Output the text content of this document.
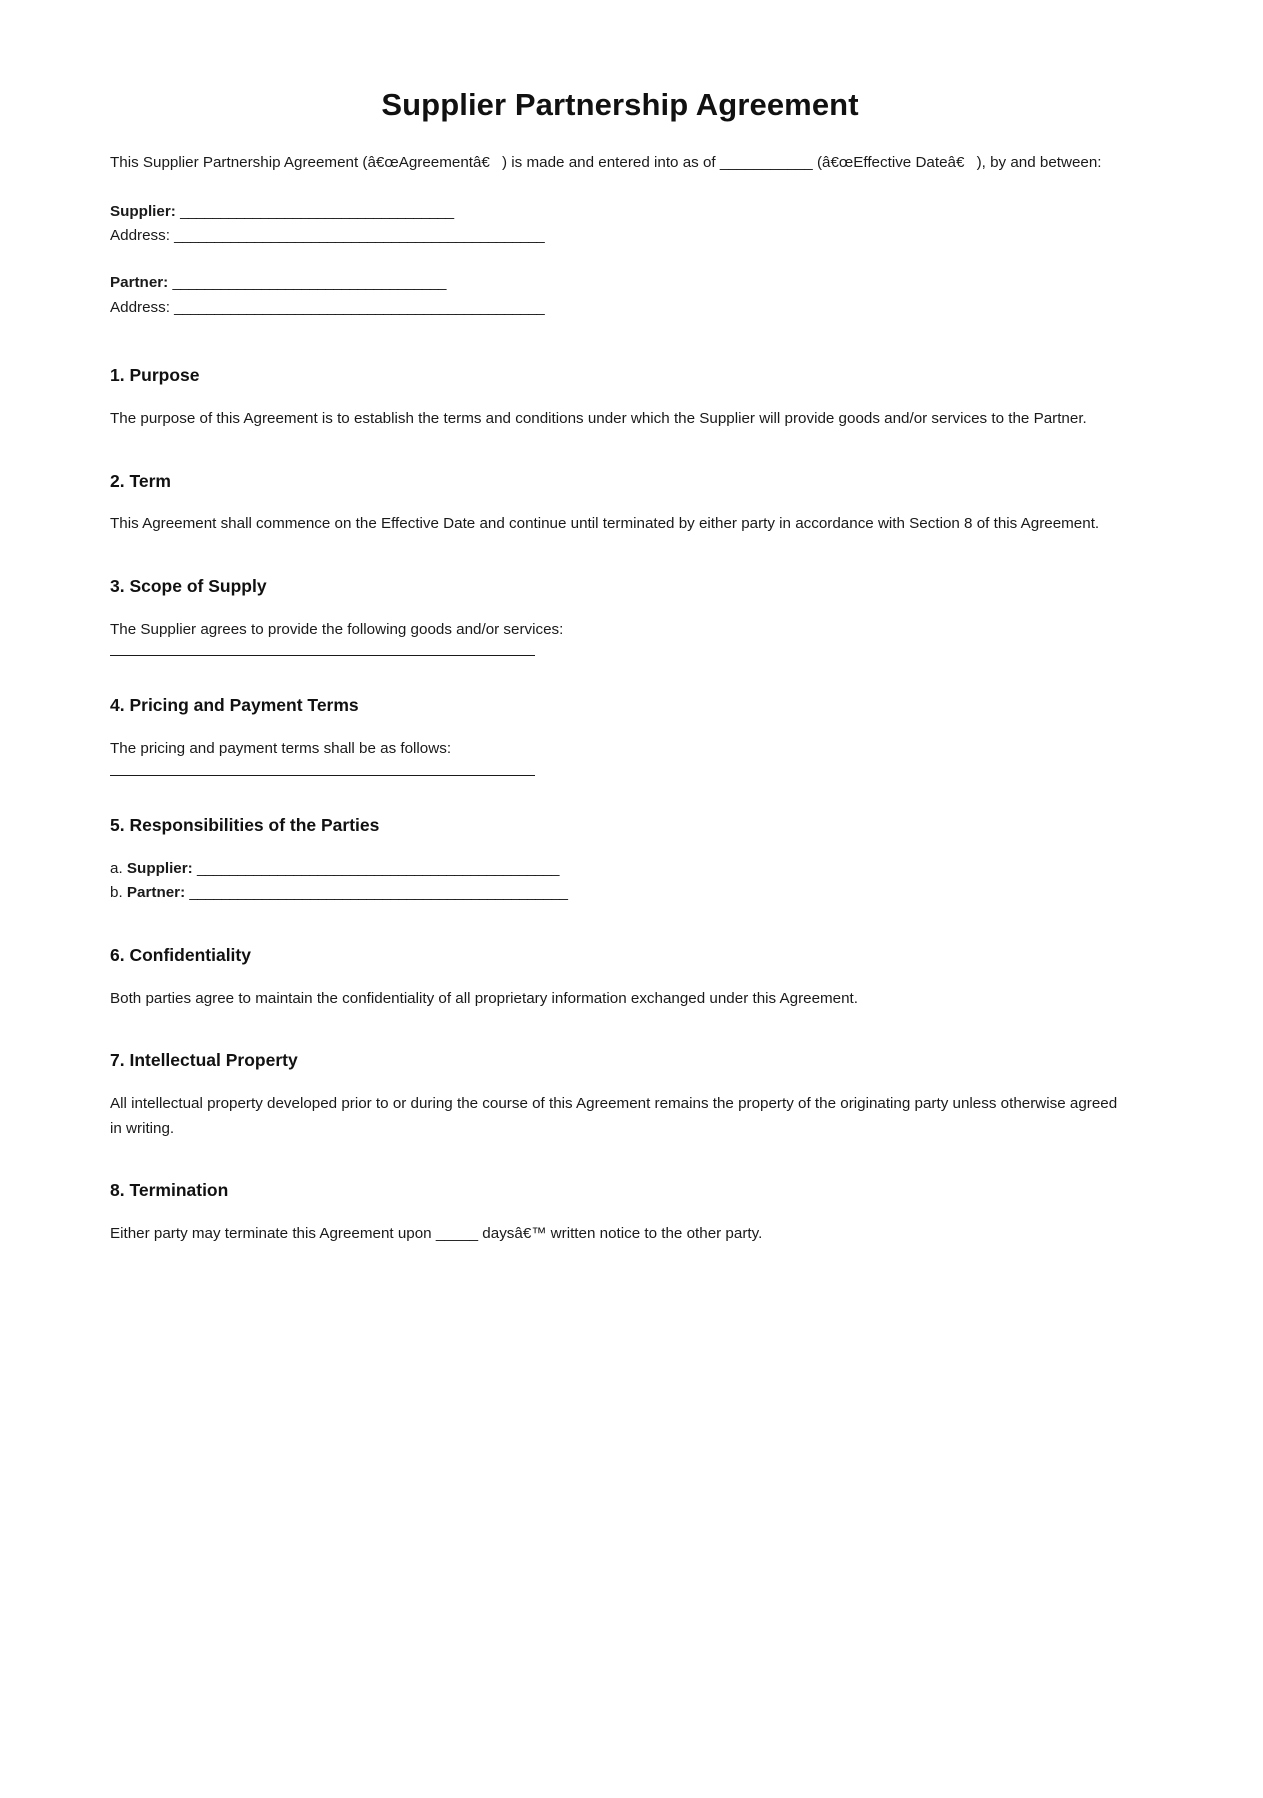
Supplier Partnership Agreement

This Supplier Partnership Agreement (â€œAgreementâ€) is made and entered into as of ___________ (â€œEffective Dateâ€), by and between:

Supplier: __________________________________
Address: ______________________________________________
Partner: __________________________________
Address: ______________________________________________
1. Purpose

The purpose of this Agreement is to establish the terms and conditions under which the Supplier will provide goods and/or services to the Partner.

2. Term

This Agreement shall commence on the Effective Date and continue until terminated by either party in accordance with Section 8 of this Agreement.

3. Scope of Supply

The Supplier agrees to provide the following goods and/or services:

4. Pricing and Payment Terms

The pricing and payment terms shall be as follows:

5. Responsibilities of the Parties
a. Supplier: _____________________________________________
b. Partner: _______________________________________________
6. Confidentiality

Both parties agree to maintain the confidentiality of all proprietary information exchanged under this Agreement.

7. Intellectual Property

All intellectual property developed prior to or during the course of this Agreement remains the property of the originating party unless otherwise agreed in writing.

8. Termination

Either party may terminate this Agreement upon _____ daysâ€™ written notice to the other party.
